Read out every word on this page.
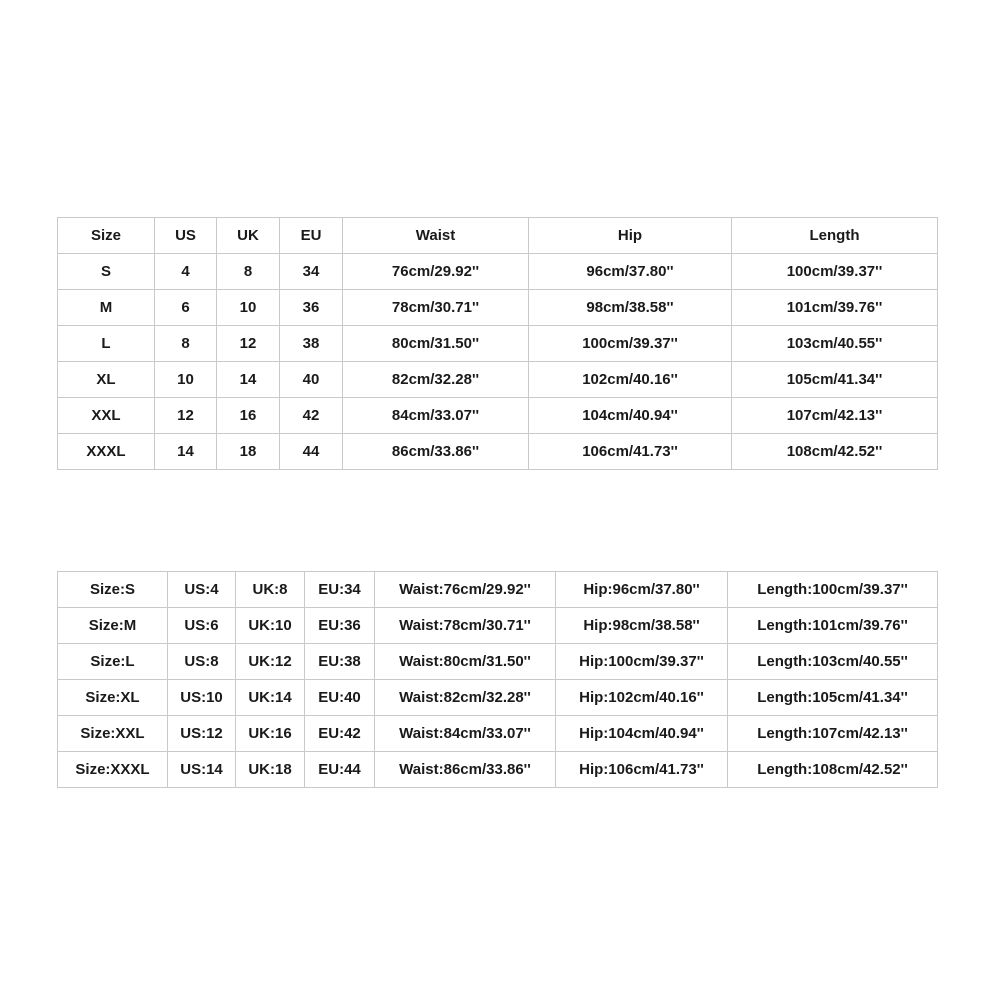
Size	US	UK	EU	Waist	Hip	Length
S	4	8	34	76cm/29.92''	96cm/37.80''	100cm/39.37''
M	6	10	36	78cm/30.71''	98cm/38.58''	101cm/39.76''
L	8	12	38	80cm/31.50''	100cm/39.37''	103cm/40.55''
XL	10	14	40	82cm/32.28''	102cm/40.16''	105cm/41.34''
XXL	12	16	42	84cm/33.07''	104cm/40.94''	107cm/42.13''
XXXL	14	18	44	86cm/33.86''	106cm/41.73''	108cm/42.52''
Size:S	US:4	UK:8	EU:34	Waist:76cm/29.92''	Hip:96cm/37.80''	Length:100cm/39.37''
Size:M	US:6	UK:10	EU:36	Waist:78cm/30.71''	Hip:98cm/38.58''	Length:101cm/39.76''
Size:L	US:8	UK:12	EU:38	Waist:80cm/31.50''	Hip:100cm/39.37''	Length:103cm/40.55''
Size:XL	US:10	UK:14	EU:40	Waist:82cm/32.28''	Hip:102cm/40.16''	Length:105cm/41.34''
Size:XXL	US:12	UK:16	EU:42	Waist:84cm/33.07''	Hip:104cm/40.94''	Length:107cm/42.13''
Size:XXXL	US:14	UK:18	EU:44	Waist:86cm/33.86''	Hip:106cm/41.73''	Length:108cm/42.52''
